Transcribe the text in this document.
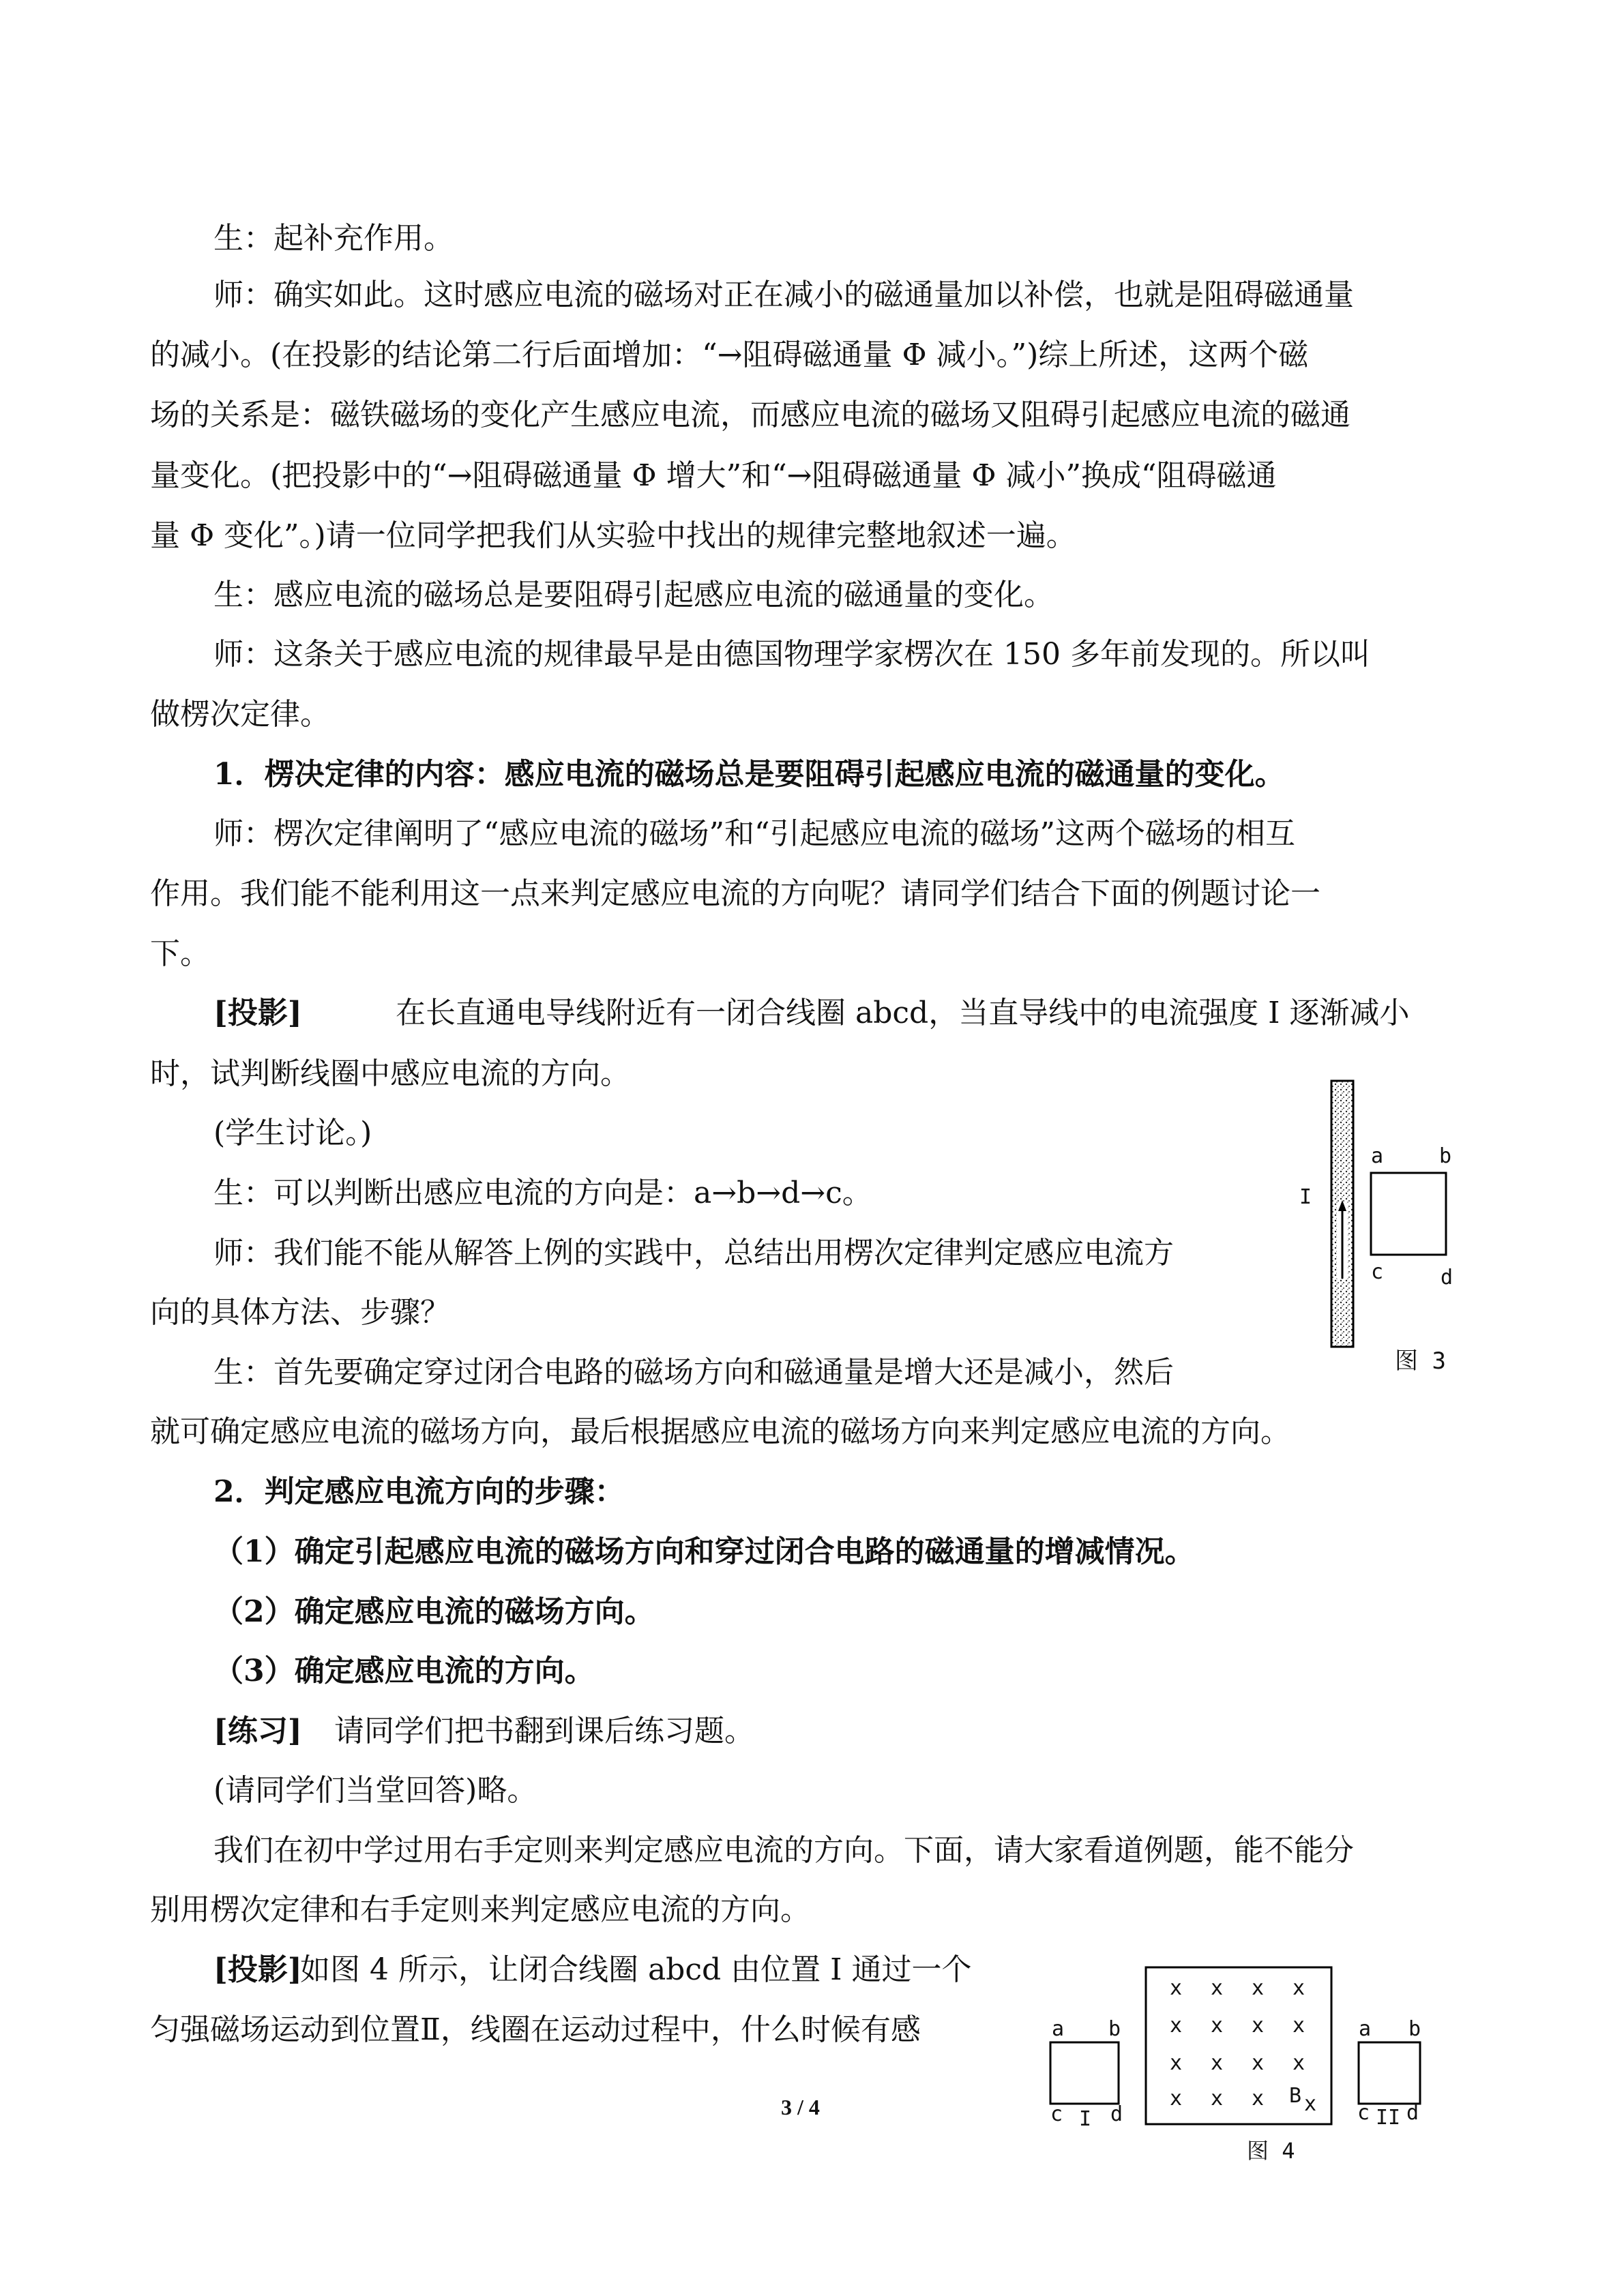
生：起补充作用。
师：确实如此。这时感应电流的磁场对正在减小的磁通量加以补偿，也就是阻碍磁通量
的减小。(在投影的结论第二行后面增加：“→阻碍磁通量 Φ 减小。”)综上所述，这两个磁
场的关系是：磁铁磁场的变化产生感应电流，而感应电流的磁场又阻碍引起感应电流的磁通
量变化。(把投影中的“→阻碍磁通量 Φ 增大”和“→阻碍磁通量 Φ 减小”换成“阻碍磁通
量 Φ 变化”。)请一位同学把我们从实验中找出的规律完整地叙述一遍。
生：感应电流的磁场总是要阻碍引起感应电流的磁通量的变化。
师：这条关于感应电流的规律最早是由德国物理学家楞次在 150 多年前发现的。所以叫
做楞次定律。
1．楞决定律的内容：感应电流的磁场总是要阻碍引起感应电流的磁通量的变化。
师：楞次定律阐明了“感应电流的磁场”和“引起感应电流的磁场”这两个磁场的相互
作用。我们能不能利用这一点来判定感应电流的方向呢？请同学们结合下面的例题讨论一
下。
[投影]	在长直通电导线附近有一闭合线圈 abcd，当直导线中的电流强度 I 逐渐减小
时，试判断线圈中感应电流的方向。
(学生讨论。)
生：可以判断出感应电流的方向是：a→b→d→c。
师：我们能不能从解答上例的实践中，总结出用楞次定律判定感应电流方
向的具体方法、步骤？
生：首先要确定穿过闭合电路的磁场方向和磁通量是增大还是减小，然后
就可确定感应电流的磁场方向，最后根据感应电流的磁场方向来判定感应电流的方向。
2．判定感应电流方向的步骤：
（1）确定引起感应电流的磁场方向和穿过闭合电路的磁通量的增减情况。
（2）确定感应电流的磁场方向。
（3）确定感应电流的方向。
[练习] 请同学们把书翻到课后练习题。
(请同学们当堂回答)略。
我们在初中学过用右手定则来判定感应电流的方向。下面，请大家看道例题，能不能分
别用楞次定律和右手定则来判定感应电流的方向。
[投影]
如图 4 所示，让闭合线圈 abcd 由位置 I 通过一个
匀强磁场运动到位置Ⅱ，线圈在运动过程中，什么时候有感
I
a	b
c	d
图 3
x x x x
x x x x
x x x x
x x x x
B
a b
c I d
a b
c II d
图 4
3 / 4
